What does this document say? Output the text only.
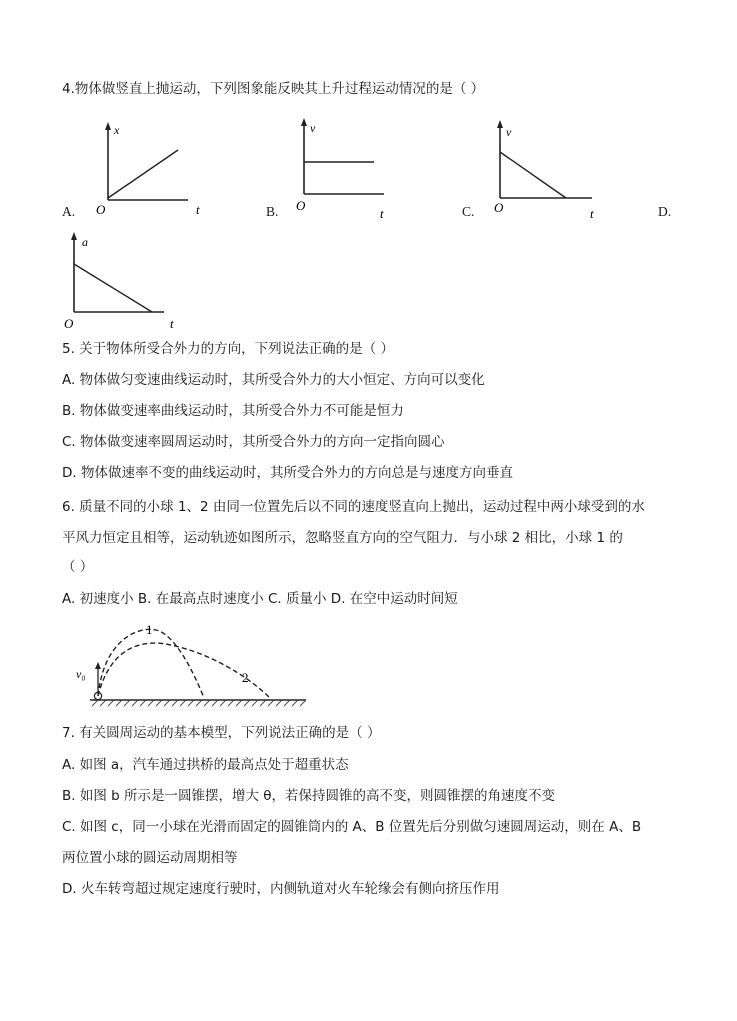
4.物体做竖直上抛运动，下列图象能反映其上升过程运动情况的是（ ）
A.
x
O	t	B.
v
O
t	C.
v
O	t	D.
a
O	t
5. 关于物体所受合外力的方向，下列说法正确的是（ ）
A. 物体做匀变速曲线运动时，其所受合外力的大小恒定、方向可以变化
B. 物体做变速率曲线运动时，其所受合外力不可能是恒力
C. 物体做变速率圆周运动时，其所受合外力的方向一定指向圆心
D. 物体做速率不变的曲线运动时，其所受合外力的方向总是与速度方向垂直
6. 质量不同的小球 1、2 由同一位置先后以不同的速度竖直向上抛出，运动过程中两小球受到的水
平风力恒定且相等，运动轨迹如图所示，忽略竖直方向的空气阻力．与小球 2 相比，小球 1 的
（ ）
A. 初速度小 B. 在最高点时速度小 C. 质量小 D. 在空中运动时间短
v₀
1
2
7. 有关圆周运动的基本模型，下列说法正确的是（ ）
A. 如图 a，汽车通过拱桥的最高点处于超重状态
B. 如图 b 所示是一圆锥摆，增大 θ，若保持圆锥的高不变，则圆锥摆的角速度不变
C. 如图 c，同一小球在光滑而固定的圆锥筒内的 A、B 位置先后分别做匀速圆周运动，则在 A、B
两位置小球的圆运动周期相等
D. 火车转弯超过规定速度行驶时，内侧轨道对火车轮缘会有侧向挤压作用
